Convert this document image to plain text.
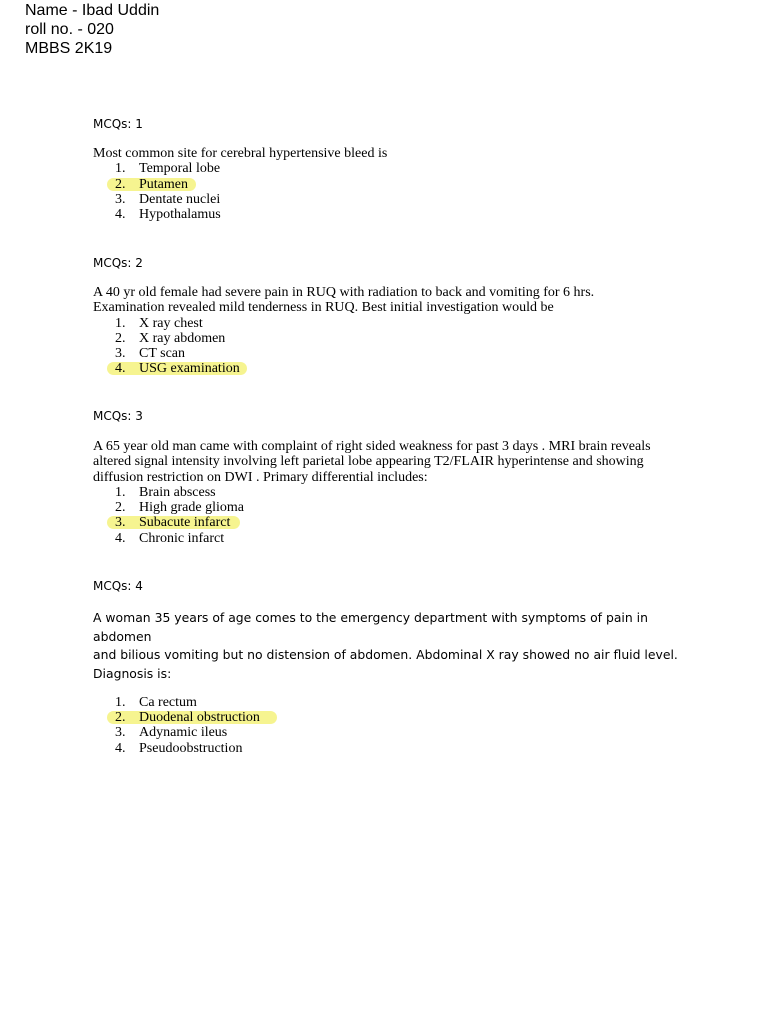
Name - Ibad Uddin
roll no. - 020
MBBS 2K19

MCQs: 1

Most common site for cerebral hypertensive bleed is

1. Temporal lobe
2. Putamen
3. Dentate nuclei
4. Hypothalamus

MCQs: 2

A 40 yr old female had severe pain in RUQ with radiation to back and vomiting for 6 hrs.

Examination revealed mild tenderness in RUQ. Best initial investigation would be

1. X ray chest
2. X ray abdomen
3. CT scan
4. USG examination

MCQs: 3

A 65 year old man came with complaint of right sided weakness for past 3 days . MRI brain reveals

altered signal intensity involving left parietal lobe appearing T2/FLAIR hyperintense and showing

diffusion restriction on DWI . Primary differential includes:

1. Brain abscess
2. High grade glioma
3. Subacute infarct
4. Chronic infarct

MCQs: 4

A woman 35 years of age comes to the emergency department with symptoms of pain in abdomen

and bilious vomiting but no distension of abdomen. Abdominal X ray showed no air fluid level.

Diagnosis is:

1. Ca rectum
2. Duodenal obstruction
3. Adynamic ileus
4. Pseudoobstruction
